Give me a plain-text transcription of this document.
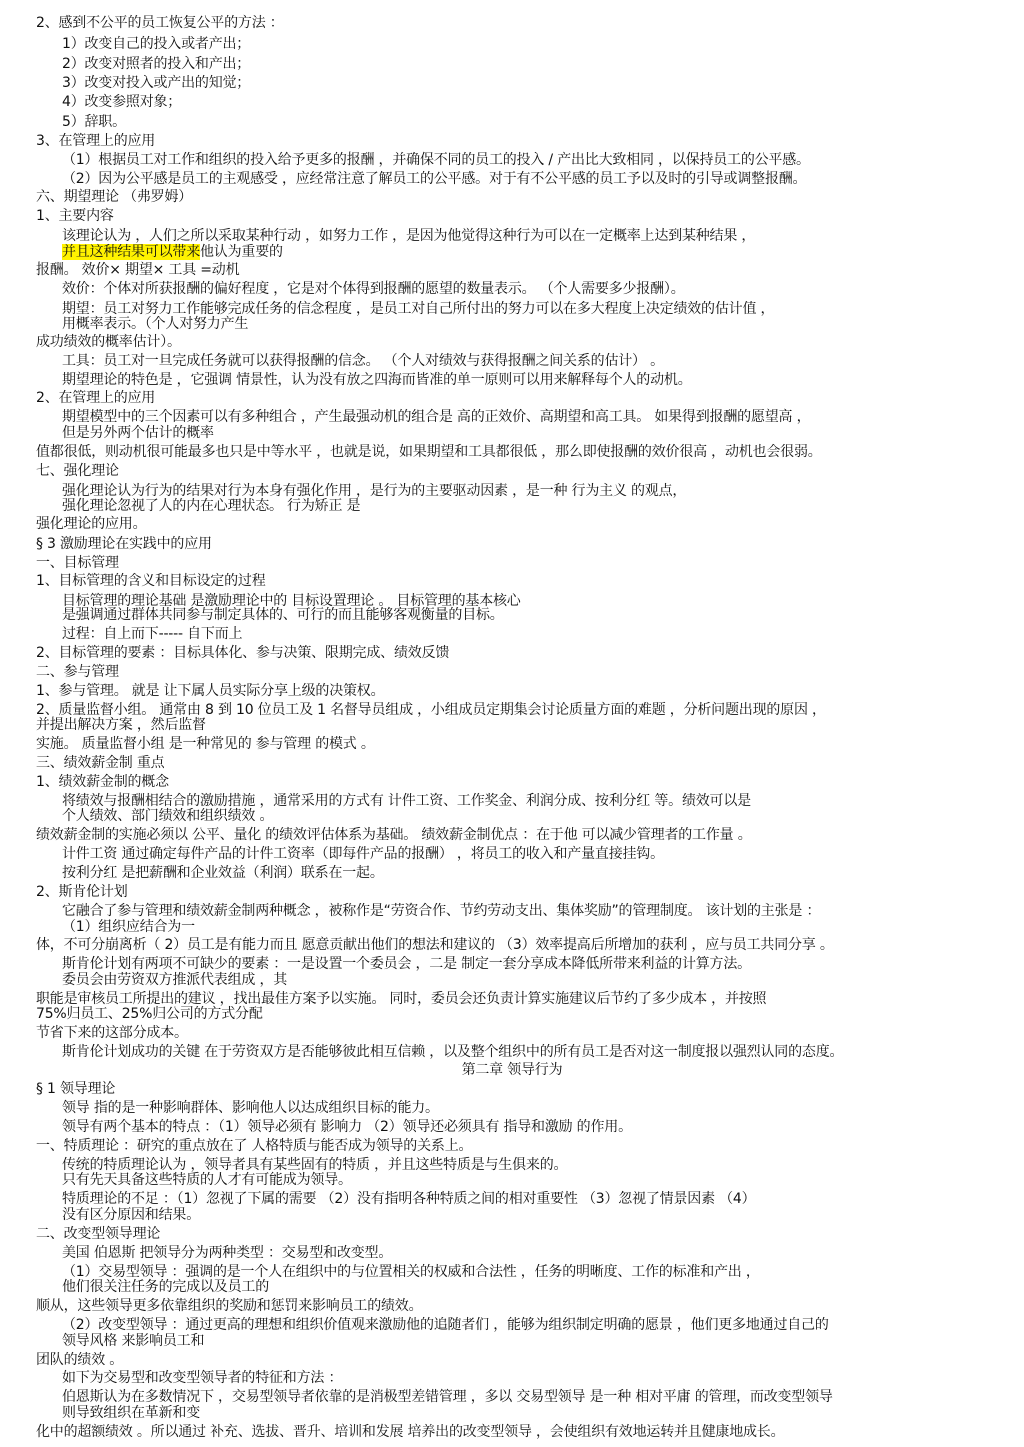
2、感到不公平的员工恢复公平的方法 ：
1）改变自己的投入或者产出；
2）改变对照者的投入和产出；
3）改变对投入或产出的知觉；
4）改变参照对象；
5）辞职。
3、在管理上的应用
（1）根据员工对工作和组织的投入给予更多的报酬 ，并确保不同的员工的投入 / 产出比大致相同 ，以保持员工的公平感。
（2）因为公平感是员工的主观感受 ，应经常注意了解员工的公平感。对于有不公平感的员工予以及时的引导或调整报酬。
六、期望理论 （弗罗姆）
1、主要内容
该理论认为 ，人们之所以采取某种行动 ，如努力工作 ，是因为他觉得这种行为可以在一定概率上达到某种结果 ，
并且这种结果可以带来他认为重要的
报酬。 效价× 期望× 工具 =动机
效价：个体对所获报酬的偏好程度 ，它是对个体得到报酬的愿望的数量表示。 （个人需要多少报酬）。
期望：员工对努力工作能够完成任务的信念程度 ，是员工对自己所付出的努力可以在多大程度上决定绩效的估计值 ，
用概率表示。（个人对努力产生
成功绩效的概率估计）。
工具：员工对一旦完成任务就可以获得报酬的信念。 （个人对绩效与获得报酬之间关系的估计） 。
期望理论的特色是 ，它强调 情景性，认为没有放之四海而皆准的单一原则可以用来解释每个人的动机。
2、在管理上的应用
期望模型中的三个因素可以有多种组合 ，产生最强动机的组合是 高的正效价、高期望和高工具。 如果得到报酬的愿望高 ，
但是另外两个估计的概率
值都很低，则动机很可能最多也只是中等水平 ，也就是说，如果期望和工具都很低 ，那么即使报酬的效价很高 ，动机也会很弱。
七、强化理论
强化理论认为行为的结果对行为本身有强化作用 ，是行为的主要驱动因素 ，是一种 行为主义 的观点，
强化理论忽视了人的内在心理状态。 行为矫正 是
强化理论的应用。
§ 3 激励理论在实践中的应用
一、目标管理
1、目标管理的含义和目标设定的过程
目标管理的理论基础 是激励理论中的 目标设置理论 。 目标管理的基本核心
是强调通过群体共同参与制定具体的、可行的而且能够客观衡量的目标。
过程：自上而下----- 自下而上
2、目标管理的要素 ：目标具体化、参与决策、限期完成、绩效反馈
二、参与管理
1、参与管理。 就是 让下属人员实际分享上级的决策权。
2、质量监督小组。 通常由 8 到 10 位员工及 1 名督导员组成 ，小组成员定期集会讨论质量方面的难题 ，分析问题出现的原因 ，
并提出解决方案 ，然后监督
实施。 质量监督小组 是一种常见的 参与管理 的模式 。
三、绩效薪金制 重点
1、绩效薪金制的概念
将绩效与报酬相结合的激励措施 ，通常采用的方式有 计件工资、工作奖金、利润分成、按利分红 等。绩效可以是
个人绩效、部门绩效和组织绩效 。
绩效薪金制的实施必须以 公平、量化 的绩效评估体系为基础。 绩效薪金制优点 ：在于他 可以减少管理者的工作量 。
计件工资 通过确定每件产品的计件工资率（即每件产品的报酬） ，将员工的收入和产量直接挂钩。
按利分红 是把薪酬和企业效益（利润）联系在一起。
2、斯肯伦计划
它融合了参与管理和绩效薪金制两种概念 ，被称作是“劳资合作、节约劳动支出、集体奖励”的管理制度。 该计划的主张是 ：
（1）组织应结合为一
体，不可分崩离析（ 2）员工是有能力而且 愿意贡献出他们的想法和建议的 （3）效率提高后所增加的获利 ，应与员工共同分享 。
斯肯伦计划有两项不可缺少的要素 ：一是设置一个委员会 ，二是 制定一套分享成本降低所带来利益的计算方法。
委员会由劳资双方推派代表组成 ，其
职能是审核员工所提出的建议 ，找出最佳方案予以实施。 同时，委员会还负责计算实施建议后节约了多少成本 ，并按照
75%归员工、25%归公司的方式分配
节省下来的这部分成本。
斯肯伦计划成功的关键 在于劳资双方是否能够彼此相互信赖 ，以及整个组织中的所有员工是否对这一制度报以强烈认同的态度。
第二章 领导行为
§ 1 领导理论
领导 指的是一种影响群体、影响他人以达成组织目标的能力。
领导有两个基本的特点 ：（1）领导必须有 影响力 （2）领导还必须具有 指导和激励 的作用。
一、特质理论 ：研究的重点放在了 人格特质与能否成为领导的关系上。
传统的特质理论认为 ，领导者具有某些固有的特质 ，并且这些特质是与生俱来的。
只有先天具备这些特质的人才有可能成为领导。
特质理论的不足 ：（1）忽视了下属的需要 （2）没有指明各种特质之间的相对重要性 （3）忽视了情景因素 （4）
没有区分原因和结果。
二、改变型领导理论
美国 伯恩斯 把领导分为两种类型 ：交易型和改变型。
（1）交易型领导 ：强调的是一个人在组织中的与位置相关的权威和合法性 ，任务的明晰度、工作的标准和产出 ，
他们很关注任务的完成以及员工的
顺从，这些领导更多依靠组织的奖励和惩罚来影响员工的绩效。
（2）改变型领导 ：通过更高的理想和组织价值观来激励他的追随者们 ，能够为组织制定明确的愿景 ，他们更多地通过自己的
领导风格 来影响员工和
团队的绩效 。
如下为交易型和改变型领导者的特征和方法 ：
伯恩斯认为在多数情况下 ，交易型领导者依靠的是消极型差错管理 ，多以 交易型领导 是一种 相对平庸 的管理，而改变型领导
则导致组织在革新和变
化中的超额绩效 。所以通过 补充、选拔、晋升、培训和发展 培养出的改变型领导 ，会使组织有效地运转并且健康地成长。
